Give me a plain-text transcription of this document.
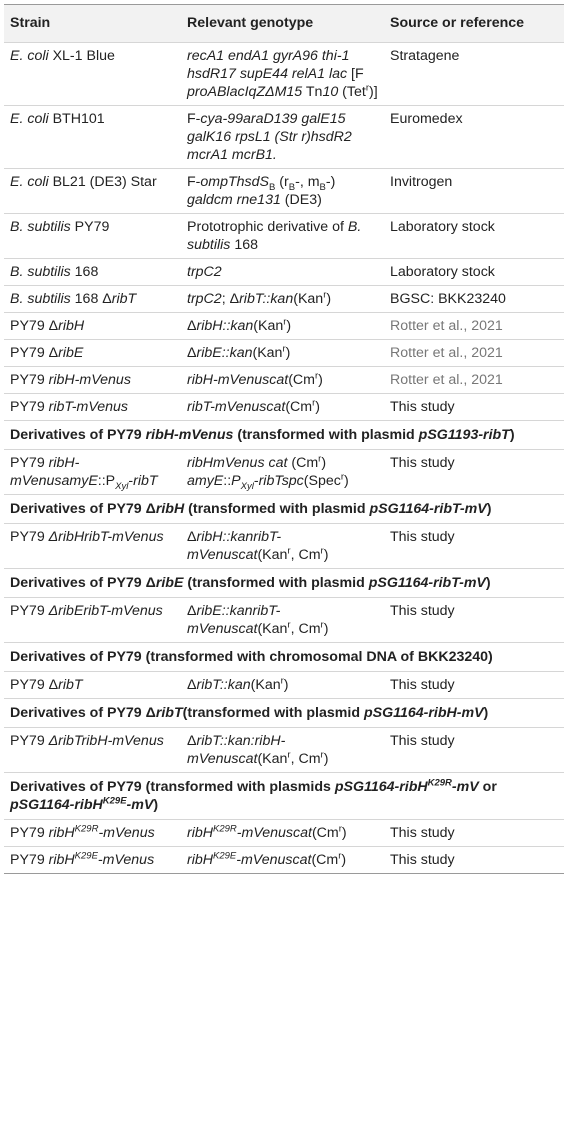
Strain	Relevant genotype	Source or reference
E. coli XL-1 Blue	recA1 endA1 gyrA96 thi-1 hsdR17 supE44 relA1 lac [F proABlacIqZΔM15 Tn10 (Tet$^r$)]	Stratagene
E. coli BTH101	F-cya-99araD139 galE15 galK16 rpsL1 (Str r)hsdR2 mcrA1 mcrB1.	Euromedex
E. coli BL21 (DE3) Star	F-ompThsdS$_B$ ($r_B-$, $m_B-$) galdcm rne131 (DE3)	Invitrogen
B. subtilis PY79	Prototrophic derivative of B. subtilis 168	Laboratory stock
B. subtilis 168	trpC2	Laboratory stock
B. subtilis 168 ΔribT	trpC2; ΔribT::kan(Kan$^r$)	BGSC: BKK23240
PY79 ΔribH	ΔribH::kan(Kan$^r$)	Rotter et al., 2021
PY79 ΔribE	ΔribE::kan(Kan$^r$)	Rotter et al., 2021
PY79 ribH-mVenus	ribH-mVenuscat(Cm$^r$)	Rotter et al., 2021
PY79 ribT-mVenus	ribT-mVenuscat(Cm$^r$)	This study
Derivatives of PY79 ribH-mVenus (transformed with plasmid pSG1193-ribT)		
PY79 ribH-$mVenusamyE::P_{Xyl}$-ribT	ribHmVenus cat (Cm$^r$) $amyE::P_{Xyl}-ribTspc(Spec^r)$	This study
Derivatives of PY79 ΔribH (transformed with plasmid pSG1164-ribT-mV)		
PY79 ΔribHribT-mVenus	ΔribH::kanribT-mVenuscat(Kan$^r$, Cm$^r$)	This study
Derivatives of PY79 ΔribE (transformed with plasmid pSG1164-ribT-mV)		
PY79 ΔribEribT-mVenus	ΔribE::kanribT-mVenuscat(Kan$^r$, Cm$^r$)	This study
Derivatives of PY79 (transformed with chromosomal DNA of BKK23240)		
PY79 ΔribT	ΔribT::kan(Kan$^r$)	This study
Derivatives of PY79 ΔribT(transformed with plasmid pSG1164-ribH-mV)		
PY79 ΔribTribH-mVenus	ΔribT::kan:ribH-mVenuscat(Kan$^r$, Cm$^r$)	This study
Derivatives of PY79 (transformed with plasmids pSG1164-ribH$^{K29R}$-mV or pSG1164-ribH$^{K29E}$-mV)		
PY79 ribH$^{K29R}$-mVenus	ribH$^{K29R}$-mVenuscat(Cm$^r$)	This study
PY79 ribH$^{K29E}$-mVenus	ribH$^{K29E}$-mVenuscat(Cm$^r$)	This study
